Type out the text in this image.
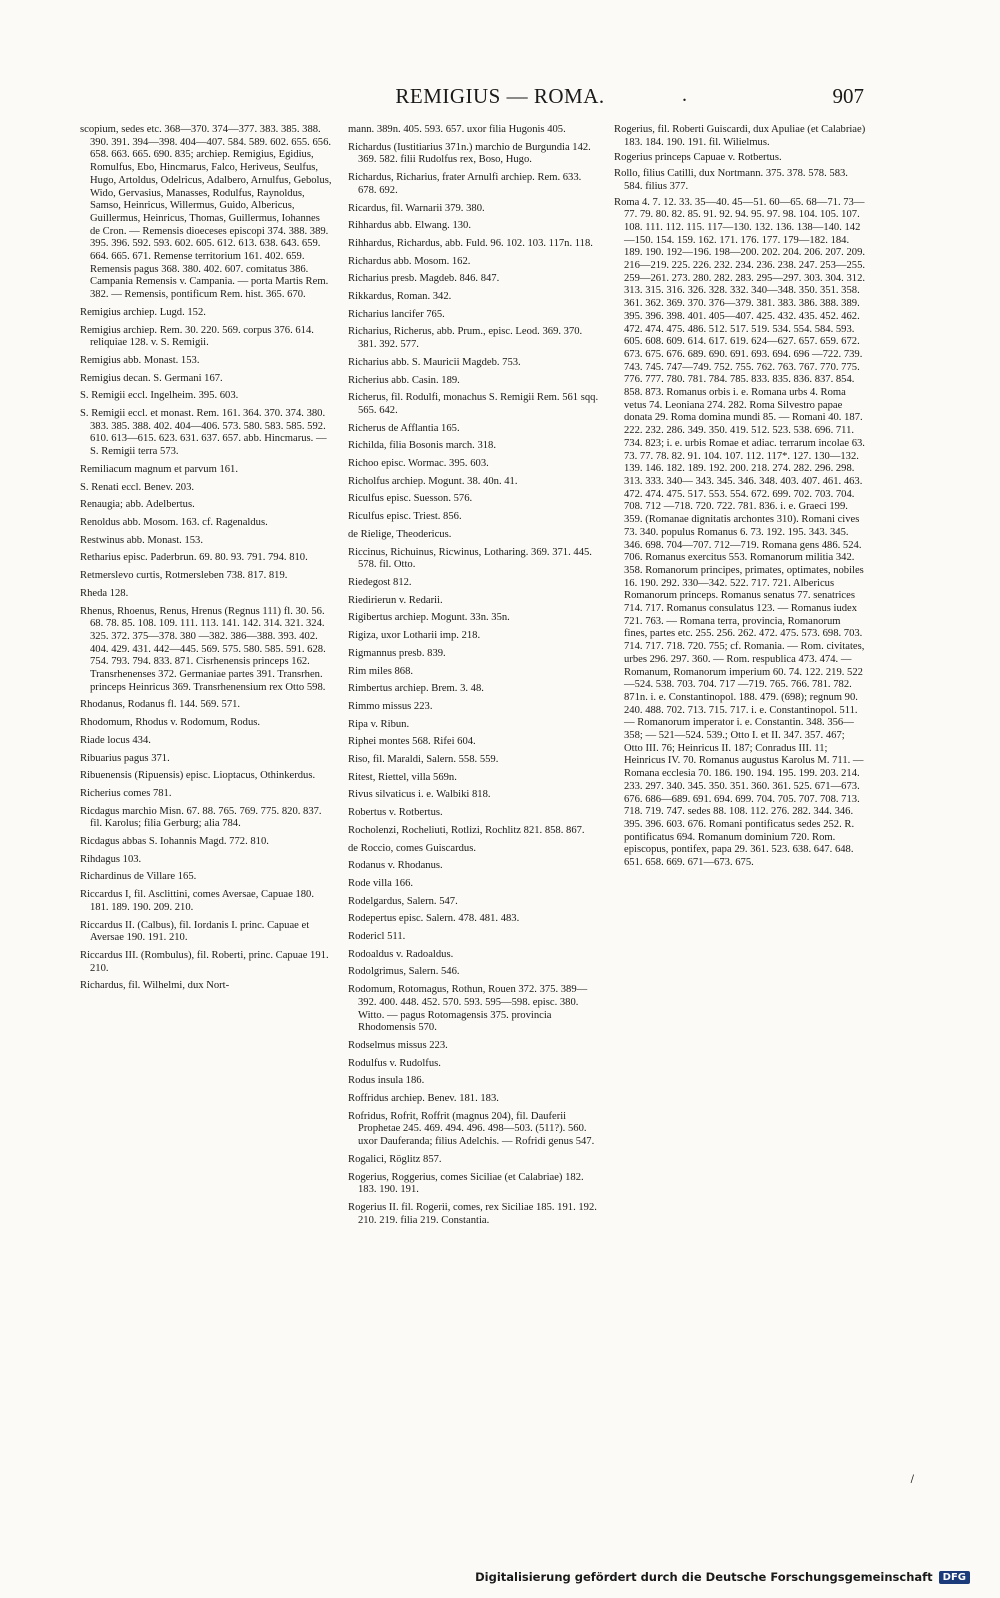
REMIGIUS — ROMA.	.	907
scopium, sedes etc. 368—370. 374—377. 383. 385. 388. 390. 391. 394—398. 404—407. 584. 589. 602. 655. 656. 658. 663. 665. 690. 835; archiep. Remigius, Egidius, Romulfus, Ebo, Hincmarus, Falco, Heriveus, Seulfus, Hugo, Artoldus, Odelricus, Adalbero, Arnulfus, Gebolus, Wido, Gervasius, Manasses, Rodulfus, Raynoldus, Samso, Heinricus, Willermus, Guido, Albericus, Guillermus, Heinricus, Thomas, Guillermus, Iohannes de Cron. — Remensis dioeceses episcopi 374. 388. 389. 395. 396. 592. 593. 602. 605. 612. 613. 638. 643. 659. 664. 665. 671. Remense territorium 161. 402. 659. Remensis pagus 368. 380. 402. 607. comitatus 386. Campania Remensis v. Campania. — porta Martis Rem. 382. — Remensis, pontificum Rem. hist. 365. 670.
Remigius archiep. Lugd. 152.
Remigius archiep. Rem. 30. 220. 569. corpus 376. 614. reliquiae 128. v. S. Remigii.
Remigius abb. Monast. 153.
Remigius decan. S. Germani 167.
S. Remigii eccl. Ingelheim. 395. 603.
S. Remigii eccl. et monast. Rem. 161. 364. 370. 374. 380. 383. 385. 388. 402. 404—406. 573. 580. 583. 585. 592. 610. 613—615. 623. 631. 637. 657. abb. Hincmarus. — S. Remigii terra 573.
Remiliacum magnum et parvum 161.
S. Renati eccl. Benev. 203.
Renaugia; abb. Adelbertus.
Renoldus abb. Mosom. 163. cf. Ragenaldus.
Restwinus abb. Monast. 153.
Retharius episc. Paderbrun. 69. 80. 93. 791. 794. 810.
Retmerslevo curtis, Rotmersleben 738. 817. 819.
Rheda 128.
Rhenus, Rhoenus, Renus, Hrenus (Regnus 111) fl. 30. 56. 68. 78. 85. 108. 109. 111. 113. 141. 142. 314. 321. 324. 325. 372. 375—378. 380 —382. 386—388. 393. 402. 404. 429. 431. 442—445. 569. 575. 580. 585. 591. 628. 754. 793. 794. 833. 871. Cisrhenensis princeps 162. Transrhenenses 372. Germaniae partes 391. Transrhen. princeps Heinricus 369. Transrhenensium rex Otto 598.
Rhodanus, Rodanus fl. 144. 569. 571.
Rhodomum, Rhodus v. Rodomum, Rodus.
Riade locus 434.
Ribuarius pagus 371.
Ribuenensis (Ripuensis) episc. Lioptacus, Othinkerdus.
Richerius comes 781.
Ricdagus marchio Misn. 67. 88. 765. 769. 775. 820. 837. fil. Karolus; filia Gerburg; alia 784.
Ricdagus abbas S. Iohannis Magd. 772. 810.
Rihdagus 103.
Richardinus de Villare 165.
Riccardus I, fil. Asclittini, comes Aversae, Capuae 180. 181. 189. 190. 209. 210.
Riccardus II. (Calbus), fil. Iordanis I. princ. Capuae et Aversae 190. 191. 210.
Riccardus III. (Rombulus), fil. Roberti, princ. Capuae 191. 210.
Richardus, fil. Wilhelmi, dux Nort-
mann. 389n. 405. 593. 657. uxor filia Hugonis 405.
Richardus (Iustitiarius 371n.) marchio de Burgundia 142. 369. 582. filii Rudolfus rex, Boso, Hugo.
Richardus, Richarius, frater Arnulfi archiep. Rem. 633. 678. 692.
Ricardus, fil. Warnarii 379. 380.
Rihhardus abb. Elwang. 130.
Rihhardus, Richardus, abb. Fuld. 96. 102. 103. 117n. 118.
Richardus abb. Mosom. 162.
Richarius presb. Magdeb. 846. 847.
Rikkardus, Roman. 342.
Richarius lancifer 765.
Richarius, Richerus, abb. Prum., episc. Leod. 369. 370. 381. 392. 577.
Richarius abb. S. Mauricii Magdeb. 753.
Richerius abb. Casin. 189.
Richerus, fil. Rodulfi, monachus S. Remigii Rem. 561 sqq. 565. 642.
Richerus de Afflantia 165.
Richilda, filia Bosonis march. 318.
Richoo episc. Wormac. 395. 603.
Richolfus archiep. Mogunt. 38. 40n. 41.
Riculfus episc. Suesson. 576.
Riculfus episc. Triest. 856.
de Rielige, Theodericus.
Riccinus, Richuinus, Ricwinus, Lotharing. 369. 371. 445. 578. fil. Otto.
Riedegost 812.
Riedirierun v. Redarii.
Rigibertus archiep. Mogunt. 33n. 35n.
Rigiza, uxor Lotharii imp. 218.
Rigmannus presb. 839.
Rim miles 868.
Rimbertus archiep. Brem. 3. 48.
Rimmo missus 223.
Ripa v. Ribun.
Riphei montes 568. Rifei 604.
Riso, fil. Maraldi, Salern. 558. 559.
Ritest, Riettel, villa 569n.
Rivus silvaticus i. e. Walbiki 818.
Robertus v. Rotbertus.
Rocholenzi, Rocheliuti, Rotlizi, Rochlitz 821. 858. 867.
de Roccio, comes Guiscardus.
Rodanus v. Rhodanus.
Rode villa 166.
Rodelgardus, Salern. 547.
Rodepertus episc. Salern. 478. 481. 483.
Rodericl 511.
Rodoaldus v. Radoaldus.
Rodolgrimus, Salern. 546.
Rodomum, Rotomagus, Rothun, Rouen 372. 375. 389—392. 400. 448. 452. 570. 593. 595—598. episc. 380. Witto. — pagus Rotomagensis 375. provincia Rhodomensis 570.
Rodselmus missus 223.
Rodulfus v. Rudolfus.
Rodus insula 186.
Roffridus archiep. Benev. 181. 183.
Rofridus, Rofrit, Roffrit (magnus 204), fil. Dauferii Prophetae 245. 469. 494. 496. 498—503. (511?). 560. uxor Dauferanda; filius Adelchis. — Rofridi genus 547.
Rogalici, Röglitz 857.
Rogerius, Roggerius, comes Siciliae (et Calabriae) 182. 183. 190. 191.
Rogerius II. fil. Rogerii, comes, rex Siciliae 185. 191. 192. 210. 219. filia 219. Constantia.
Rogerius, fil. Roberti Guiscardi, dux Apuliae (et Calabriae) 183. 184. 190. 191. fil. Wilielmus.
Rogerius princeps Capuae v. Rotbertus.
Rollo, filius Catilli, dux Nortmann. 375. 378. 578. 583. 584. filius 377.
Roma 4. 7. 12. 33. 35—40. 45—51. 60—65. 68—71. 73—77. 79. 80. 82. 85. 91. 92. 94. 95. 97. 98. 104. 105. 107. 108. 111. 112. 115. 117—130. 132. 136. 138—140. 142—150. 154. 159. 162. 171. 176. 177. 179—182. 184. 189. 190. 192—196. 198—200. 202. 204. 206. 207. 209. 216—219. 225. 226. 232. 234. 236. 238. 247. 253—255. 259—261. 273. 280. 282. 283. 295—297. 303. 304. 312. 313. 315. 316. 326. 328. 332. 340—348. 350. 351. 358. 361. 362. 369. 370. 376—379. 381. 383. 386. 388. 389. 395. 396. 398. 401. 405—407. 425. 432. 435. 452. 462. 472. 474. 475. 486. 512. 517. 519. 534. 554. 584. 593. 605. 608. 609. 614. 617. 619. 624—627. 657. 659. 672. 673. 675. 676. 689. 690. 691. 693. 694. 696 —722. 739. 743. 745. 747—749. 752. 755. 762. 763. 767. 770. 775. 776. 777. 780. 781. 784. 785. 833. 835. 836. 837. 854. 858. 873. Romanus orbis i. e. Romana urbs 4. Roma vetus 74. Leoniana 274. 282. Roma Silvestro papae donata 29. Roma domina mundi 85. — Romani 40. 187. 222. 232. 286. 349. 350. 419. 512. 523. 538. 696. 711. 734. 823; i. e. urbis Romae et adiac. terrarum incolae 63. 73. 77. 78. 82. 91. 104. 107. 112. 117*. 127. 130—132. 139. 146. 182. 189. 192. 200. 218. 274. 282. 296. 298. 313. 333. 340— 343. 345. 346. 348. 403. 407. 461. 463. 472. 474. 475. 517. 553. 554. 672. 699. 702. 703. 704. 708. 712 —718. 720. 722. 781. 836. i. e. Graeci 199. 359. (Romanae dignitatis archontes 310). Romani cives 73. 340. populus Romanus 6. 73. 192. 195. 343. 345. 346. 698. 704—707. 712—719. Romana gens 486. 524. 706. Romanus exercitus 553. Romanorum militia 342. 358. Romanorum principes, primates, optimates, nobiles 16. 190. 292. 330—342. 522. 717. 721. Albericus Romanorum princeps. Romanus senatus 77. senatrices 714. 717. Romanus consulatus 123. — Romanus iudex 721. 763. — Romana terra, provincia, Romanorum fines, partes etc. 255. 256. 262. 472. 475. 573. 698. 703. 714. 717. 718. 720. 755; cf. Romania. — Rom. civitates, urbes 296. 297. 360. — Rom. respublica 473. 474. — Romanum, Romanorum imperium 60. 74. 122. 219. 522—524. 538. 703. 704. 717 —719. 765. 766. 781. 782. 871n. i. e. Constantinopol. 188. 479. (698); regnum 90. 240. 488. 702. 713. 715. 717. i. e. Constantinopol. 511. — Romanorum imperator i. e. Constantin. 348. 356—358; — 521—524. 539.; Otto I. et II. 347. 357. 467; Otto III. 76; Heinricus II. 187; Conradus III. 11; Heinricus IV. 70. Romanus augustus Karolus M. 711. — Romana ecclesia 70. 186. 190. 194. 195. 199. 203. 214. 233. 297. 340. 345. 350. 351. 360. 361. 525. 671—673. 676. 686—689. 691. 694. 699. 704. 705. 707. 708. 713. 718. 719. 747. sedes 88. 108. 112. 276. 282. 344. 346. 395. 396. 603. 676. Romani pontificatus sedes 252. R. pontificatus 694. Romanum dominium 720. Rom. episcopus, pontifex, papa 29. 361. 523. 638. 647. 648. 651. 658. 669. 671—673. 675.
/
Digitalisierung gefördert durch die Deutsche Forschungsgemeinschaft	DFG
